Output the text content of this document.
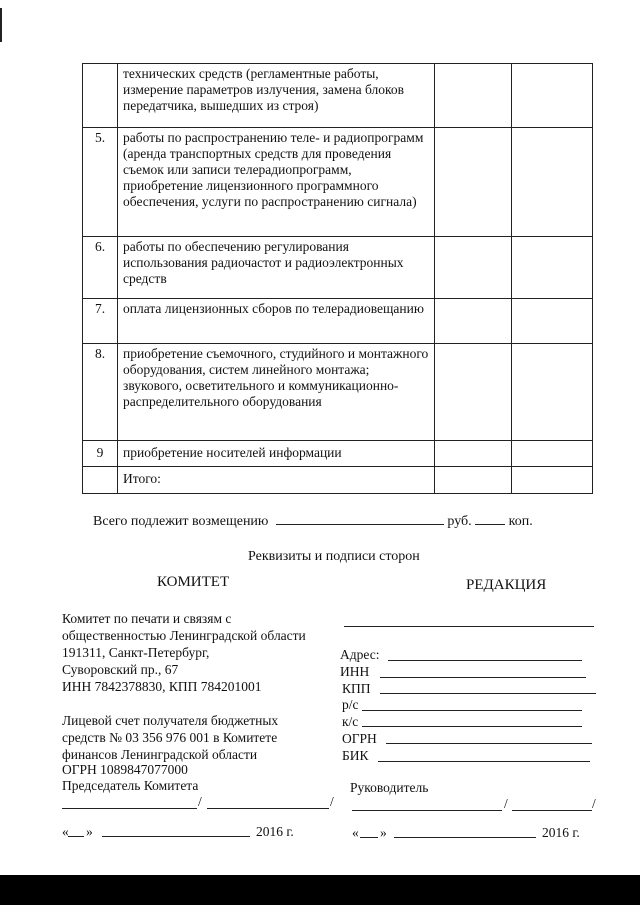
	технических средств (регламентные работы, измерение параметров излучения, замена блоков передатчика, вышедших из строя)		
5.	работы по распространению теле- и радиопрограмм (аренда транспортных средств для проведения съемок или записи телерадиопрограмм, приобретение лицензионного программного обеспечения, услуги по распространению сигнала)		
6.	работы по обеспечению регулирования использования радиочастот и радиоэлектронных средств		
7.	оплата лицензионных сборов по телерадиовещанию		
8.	приобретение съемочного, студийного и монтажного оборудования, систем линейного монтажа; звукового, осветительного и коммуникационно-распределительного оборудования		
9	приобретение носителей информации		
	Итого:		
Всего подлежит возмещению	руб.	коп.
Реквизиты и подписи сторон
КОМИТЕТ	РЕДАКЦИЯ
Комитет по печати и связям с
общественностью Ленинградской области
191311, Санкт-Петербург,
Суворовский пр., 67
ИНН 7842378830, КПП 784201001
Лицевой счет получателя бюджетных
средств № 03 356 976 001 в Комитете
финансов Ленинградской области
ОГРН 1089847077000
Председатель Комитета
/	/
« »	2016 г.
Адрес:
ИНН
КПП
р/с
к/с
ОГРН
БИК
Руководитель
/	/
« »	2016 г.
